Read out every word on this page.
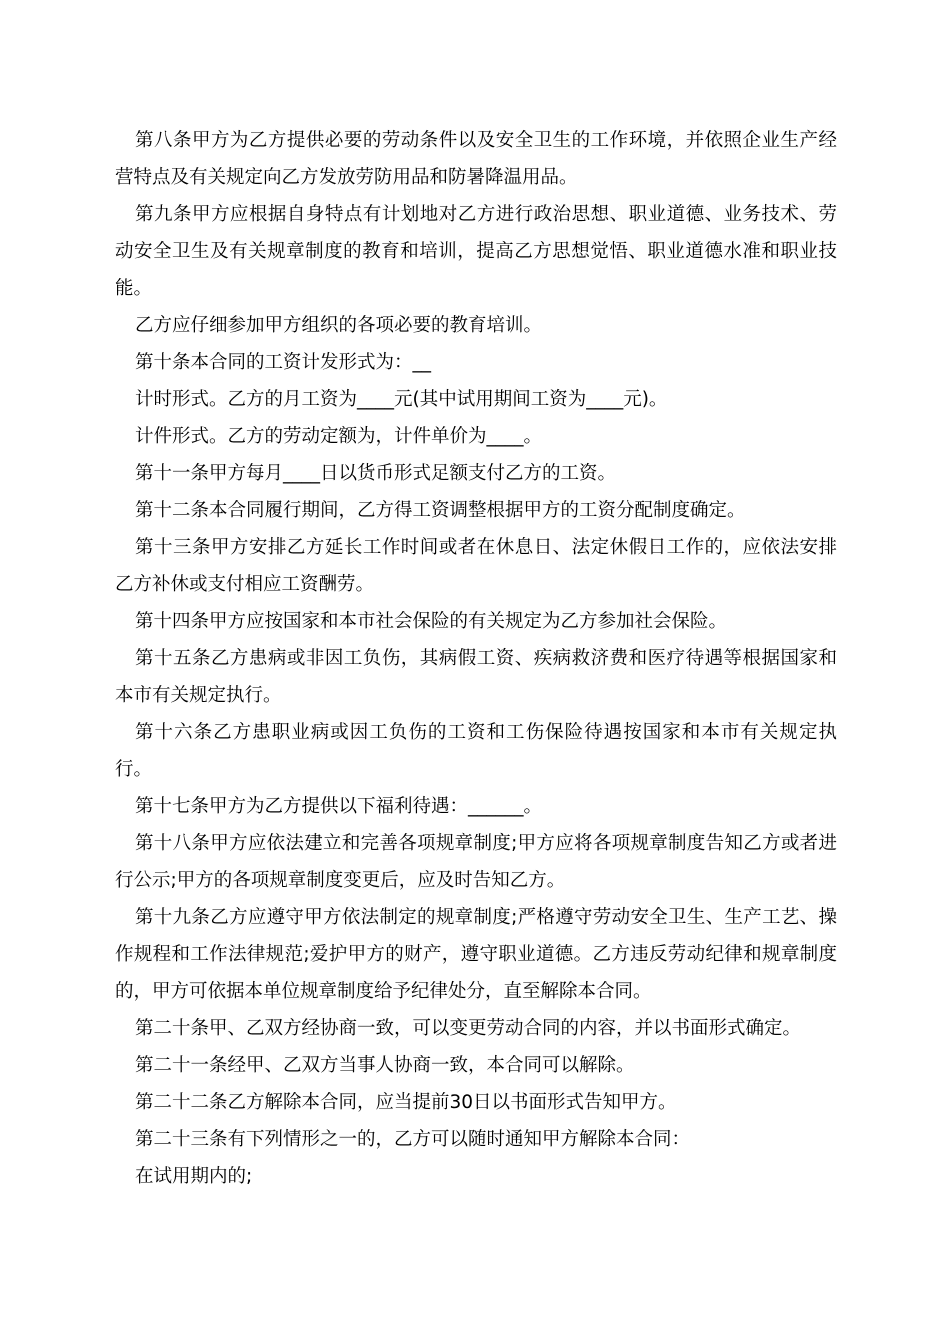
第八条甲方为乙方提供必要的劳动条件以及安全卫生的工作环境，并依照企业生产经营特点及有关规定向乙方发放劳防用品和防暑降温用品。

第九条甲方应根据自身特点有计划地对乙方进行政治思想、职业道德、业务技术、劳动安全卫生及有关规章制度的教育和培训，提高乙方思想觉悟、职业道德水准和职业技能。

乙方应仔细参加甲方组织的各项必要的教育培训。

第十条本合同的工资计发形式为：__

计时形式。乙方的月工资为____元(其中试用期间工资为____元)。

计件形式。乙方的劳动定额为，计件单价为____。

第十一条甲方每月____日以货币形式足额支付乙方的工资。

第十二条本合同履行期间，乙方得工资调整根据甲方的工资分配制度确定。

第十三条甲方安排乙方延长工作时间或者在休息日、法定休假日工作的，应依法安排乙方补休或支付相应工资酬劳。

第十四条甲方应按国家和本市社会保险的有关规定为乙方参加社会保险。

第十五条乙方患病或非因工负伤，其病假工资、疾病救济费和医疗待遇等根据国家和本市有关规定执行。

第十六条乙方患职业病或因工负伤的工资和工伤保险待遇按国家和本市有关规定执行。

第十七条甲方为乙方提供以下福利待遇：______。

第十八条甲方应依法建立和完善各项规章制度;甲方应将各项规章制度告知乙方或者进行公示;甲方的各项规章制度变更后，应及时告知乙方。

第十九条乙方应遵守甲方依法制定的规章制度;严格遵守劳动安全卫生、生产工艺、操作规程和工作法律规范;爱护甲方的财产，遵守职业道德。乙方违反劳动纪律和规章制度的，甲方可依据本单位规章制度给予纪律处分，直至解除本合同。

第二十条甲、乙双方经协商一致，可以变更劳动合同的内容，并以书面形式确定。

第二十一条经甲、乙双方当事人协商一致，本合同可以解除。

第二十二条乙方解除本合同，应当提前30日以书面形式告知甲方。

第二十三条有下列情形之一的，乙方可以随时通知甲方解除本合同：

在试用期内的;
